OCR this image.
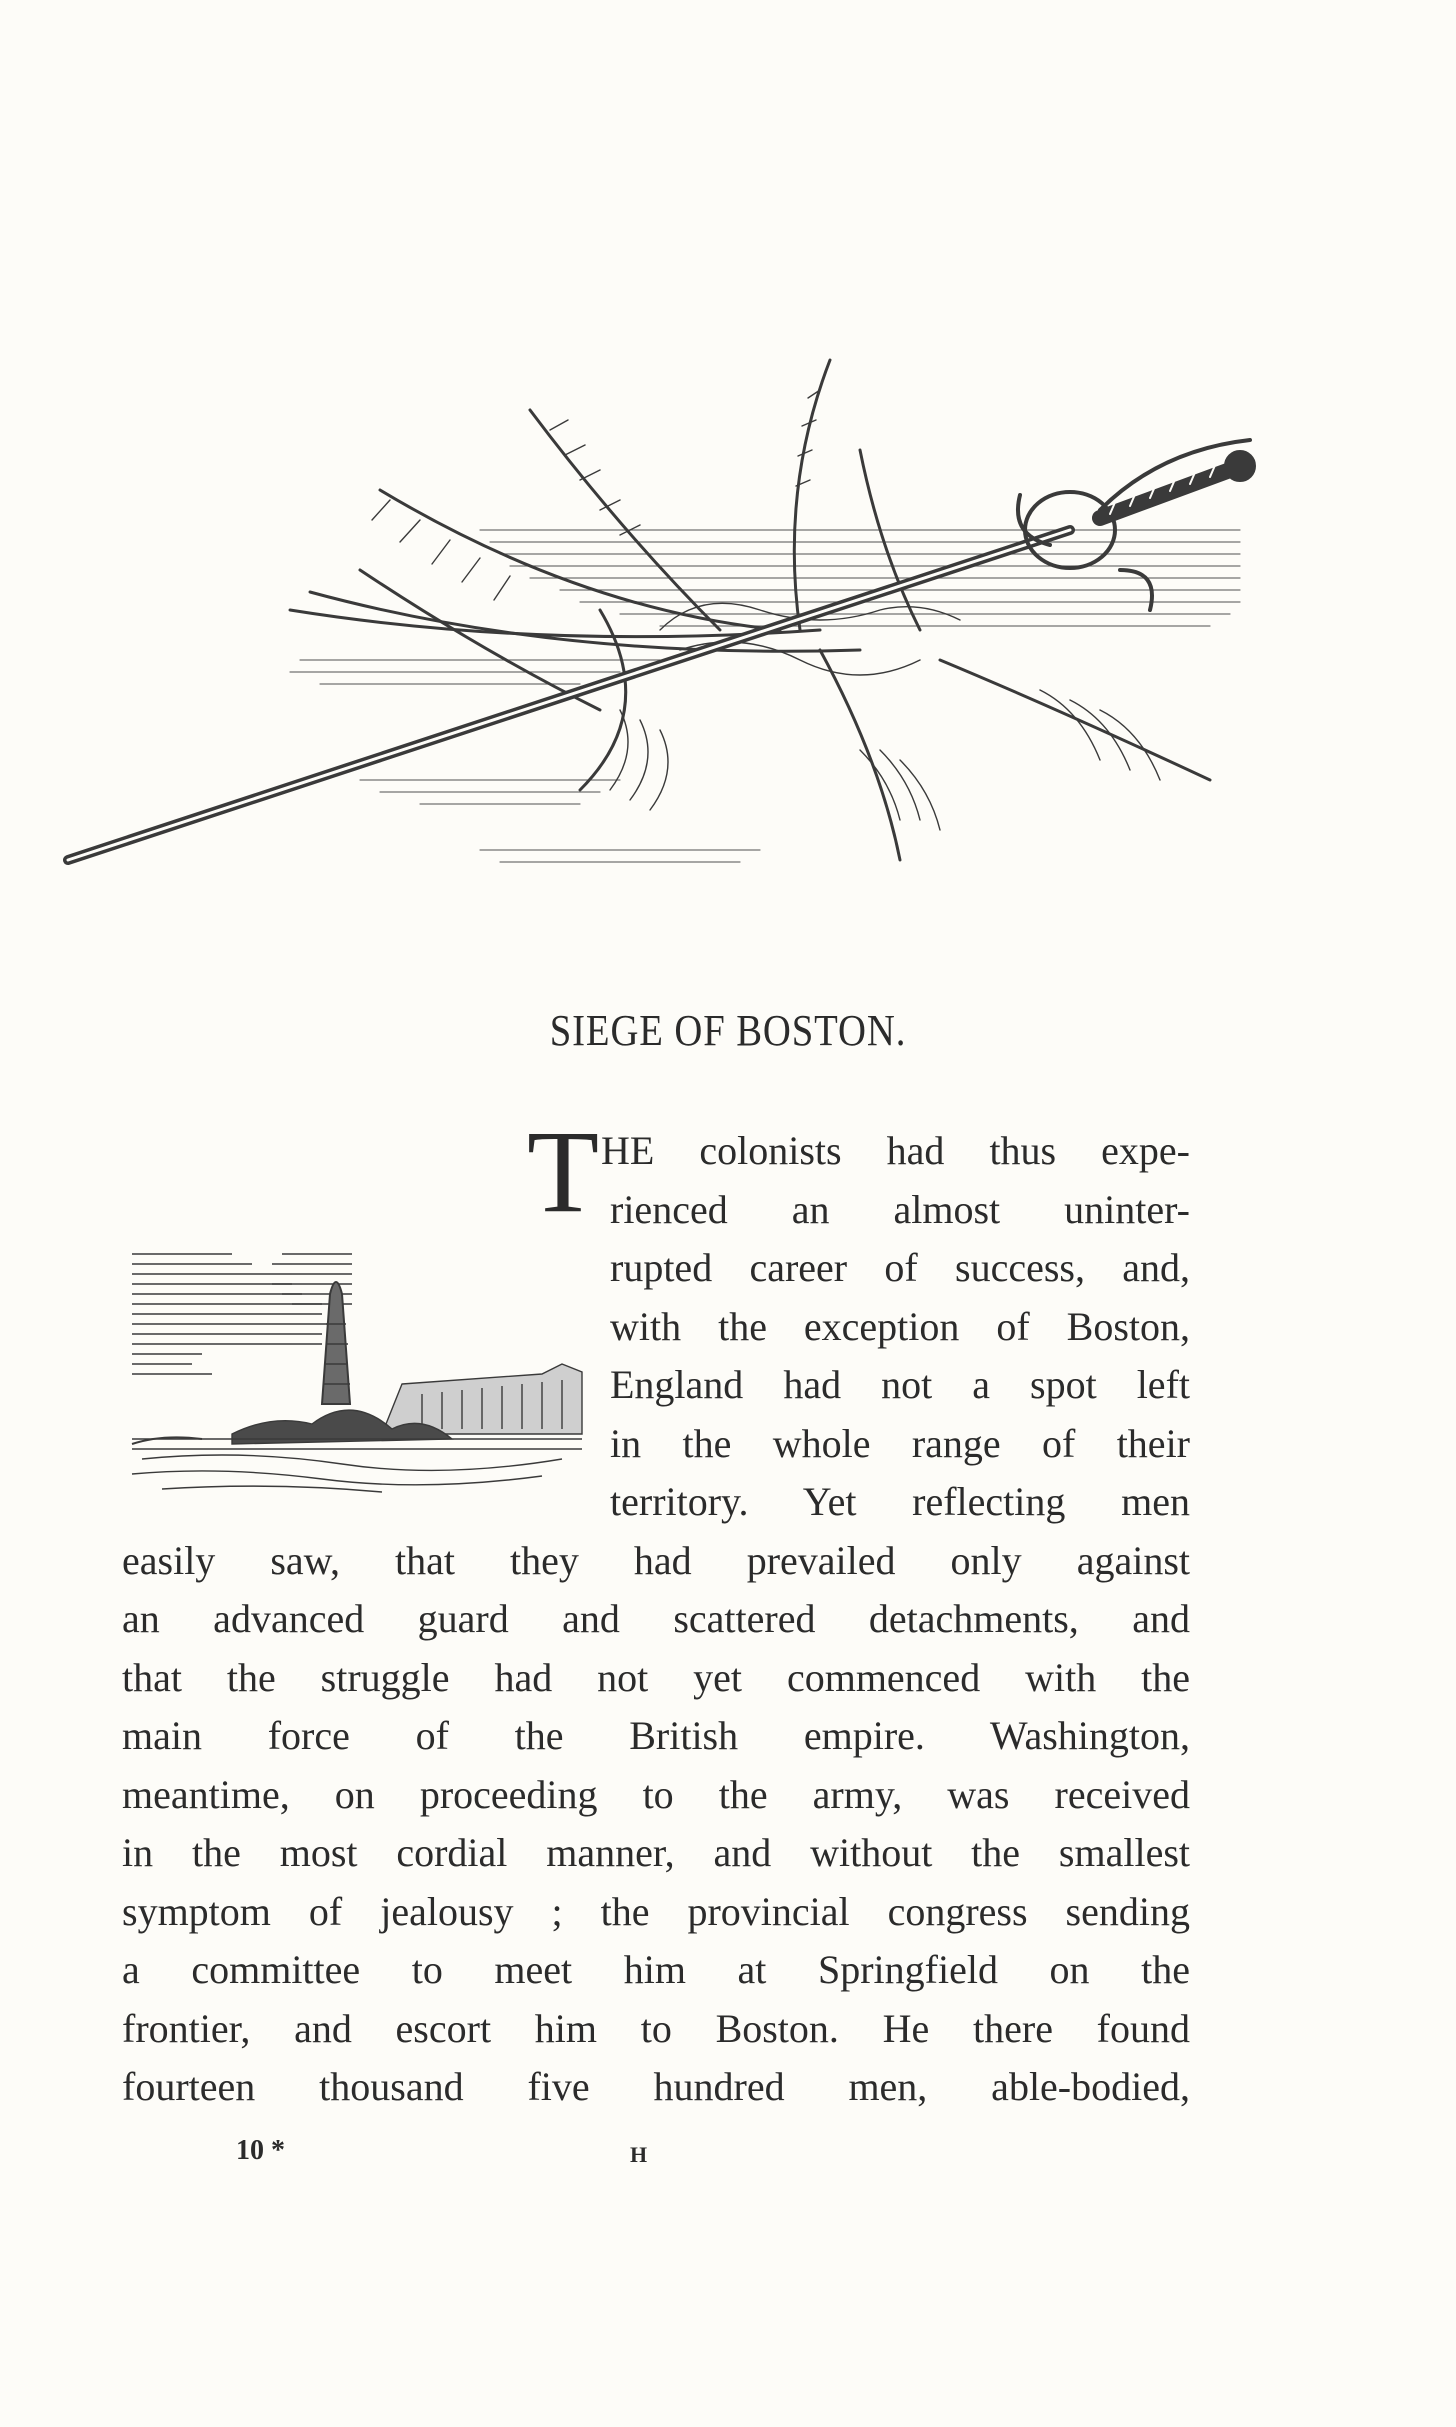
SIEGE OF BOSTON.
T HE colonists had thus expe-
rienced an almost uninter-
rupted career of success, and,
with the exception of Boston,
England had not a spot left
in the whole range of their
territory. Yet reflecting men
easily saw, that they had prevailed only against
an advanced guard and scattered detachments, and
that the struggle had not yet commenced with the
main force of the British empire. Washington,
meantime, on proceeding to the army, was received
in the most cordial manner, and without the smallest
symptom of jealousy ; the provincial congress sending
a committee to meet him at Springfield on the
frontier, and escort him to Boston. He there found
fourteen thousand five hundred men, able-bodied,

10 *	H
